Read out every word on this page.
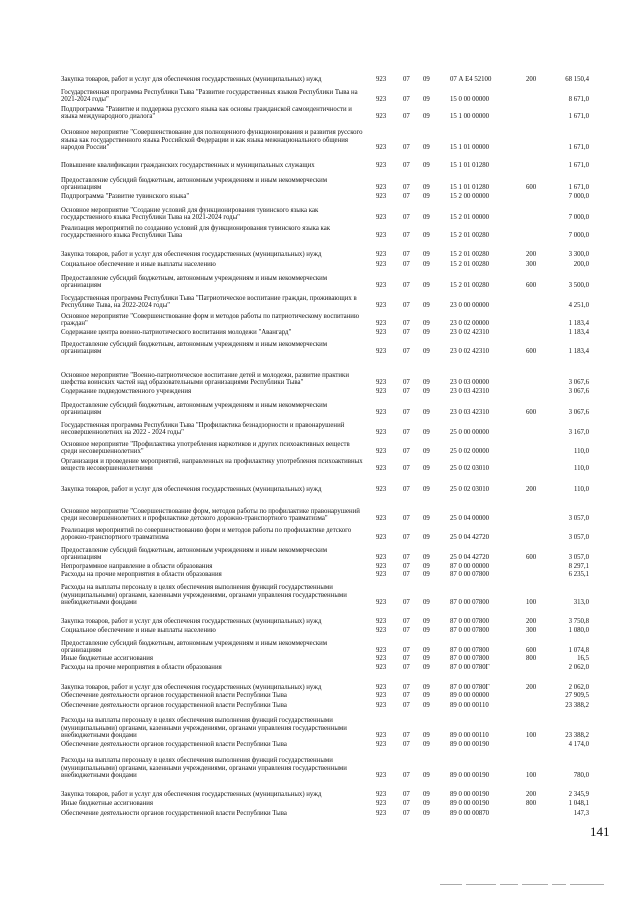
Закупка товаров, работ и услуг для обеспечения государственных (муниципальных) нужд	923	07	09	07 А Е4 52100	200	68 150,4
Государственная программа Республики Тыва "Развитие государственных языков Республики Тыва на 2021-2024 годы"	923	07	09	15 0 00 00000	8 671,0
Подпрограмма "Развитие и поддержка русского языка как основы гражданской самоидентичности и языка международного диалога"	923	07	09	15 1 00 00000	1 671,0
Основное мероприятие "Совершенствование для полноценного функционирования и развития русского языка как государственного языка Российской Федерации и как языка межнационального общения народов России"	923	07	09	15 1 01 00000	1 671,0
Повышение квалификации гражданских государственных и муниципальных служащих	923	07	09	15 1 01 01280	1 671,0
Предоставление субсидий бюджетным, автономным учреждениям и иным некоммерческим организациям	923	07	09	15 1 01 01280	600	1 671,0
Подпрограмма "Развитие тувинского языка"	923	07	09	15 2 00 00000	7 000,0
Основное мероприятие "Создание условий для функционирования тувинского языка как государственного языка Республики Тыва на 2021-2024 годы"	923	07	09	15 2 01 00000	7 000,0
Реализация мероприятий по созданию условий для функционирования тувинского языка как государственного языка Республики Тыва	923	07	09	15 2 01 00280	7 000,0
Закупка товаров, работ и услуг для обеспечения государственных (муниципальных) нужд	923	07	09	15 2 01 00280	200	3 300,0
Социальное обеспечение и иные выплаты населению	923	07	09	15 2 01 00280	300	200,0
Предоставление субсидий бюджетным, автономным учреждениям и иным некоммерческим организациям	923	07	09	15 2 01 00280	600	3 500,0
Государственная программа Республики Тыва "Патриотическое воспитание граждан, проживающих в Республике Тыва, на 2022-2024 годы"	923	07	09	23 0 00 00000	4 251,0
Основное мероприятие "Совершенствование форм и методов работы по патриотическому воспитанию граждан"	923	07	09	23 0 02 00000	1 183,4
Содержание центра военно-патриотического воспитания молодежи "Авангард"	923	07	09	23 0 02 42310	1 183,4
Предоставление субсидий бюджетным, автономным учреждениям и иным некоммерческим организациям	923	07	09	23 0 02 42310	600	1 183,4
Основное мероприятие "Военно-патриотическое воспитание детей и молодежи, развитие практики шефства воинских частей над образовательными организациями Республики Тыва"	923	07	09	23 0 03 00000	3 067,6
Содержание подведомственного учреждения	923	07	09	23 0 03 42310	3 067,6
Предоставление субсидий бюджетным, автономным учреждениям и иным некоммерческим организациям	923	07	09	23 0 03 42310	600	3 067,6
Государственная программа Республики Тыва "Профилактика безнадзорности и правонарушений несовершеннолетних на 2022 - 2024 годы"	923	07	09	25 0 00 00000	3 167,0
Основное мероприятие "Профилактика употребления наркотиков и других психоактивных веществ среди несовершеннолетних"	923	07	09	25 0 02 00000	110,0
Организация и проведение мероприятий, направленных на профилактику употребления психоактивных веществ несовершеннолетними	923	07	09	25 0 02 03010	110,0
Закупка товаров, работ и услуг для обеспечения государственных (муниципальных) нужд	923	07	09	25 0 02 03010	200	110,0
Основное мероприятие "Совершенствование форм, методов работы по профилактике правонарушений среди несовершеннолетних и профилактике детского дорожно-транспортного травматизма"	923	07	09	25 0 04 00000	3 057,0
Реализация мероприятий по совершенствованию форм и методов работы по профилактике детского дорожно-транспортного травматизма	923	07	09	25 0 04 42720	3 057,0
Предоставление субсидий бюджетным, автономным учреждениям и иным некоммерческим организациям	923	07	09	25 0 04 42720	600	3 057,0
Непрограммное направление в области образования	923	07	09	87 0 00 00000	8 297,1
Расходы на прочие мероприятия в области образования	923	07	09	87 0 00 07800	6 235,1
Расходы на выплаты персоналу в целях обеспечения выполнения функций государственными (муниципальными) органами, казенными учреждениями, органами управления государственными внебюджетными фондами	923	07	09	87 0 00 07800	100	313,0
Закупка товаров, работ и услуг для обеспечения государственных (муниципальных) нужд	923	07	09	87 0 00 07800	200	3 750,8
Социальное обеспечение и иные выплаты населению	923	07	09	87 0 00 07800	300	1 080,0
Предоставление субсидий бюджетным, автономным учреждениям и иным некоммерческим организациям	923	07	09	87 0 00 07800	600	1 074,8
Иные бюджетные ассигнования	923	07	09	87 0 00 07800	800	16,5
Расходы на прочие мероприятия в области образования	923	07	09	87 0 00 0780Г	2 062,0
Закупка товаров, работ и услуг для обеспечения государственных (муниципальных) нужд	923	07	09	87 0 00 0780Г	200	2 062,0
Обеспечение деятельности органов государственной власти Республики Тыва	923	07	09	89 0 00 00000	27 909,5
Обеспечение деятельности органов государственной власти Республики Тыва	923	07	09	89 0 00 00110	23 388,2
Расходы на выплаты персоналу в целях обеспечения выполнения функций государственными (муниципальными) органами, казенными учреждениями, органами управления государственными внебюджетными фондами	923	07	09	89 0 00 00110	100	23 388,2
Обеспечение деятельности органов государственной власти Республики Тыва	923	07	09	89 0 00 00190	4 174,0
Расходы на выплаты персоналу в целях обеспечения выполнения функций государственными (муниципальными) органами, казенными учреждениями, органами управления государственными внебюджетными фондами	923	07	09	89 0 00 00190	100	780,0
Закупка товаров, работ и услуг для обеспечения государственных (муниципальных) нужд	923	07	09	89 0 00 00190	200	2 345,9
Иные бюджетные ассигнования	923	07	09	89 0 00 00190	800	1 048,1
Обеспечение деятельности органов государственной власти Республики Тыва	923	07	09	89 0 00 00870	147,3
141
